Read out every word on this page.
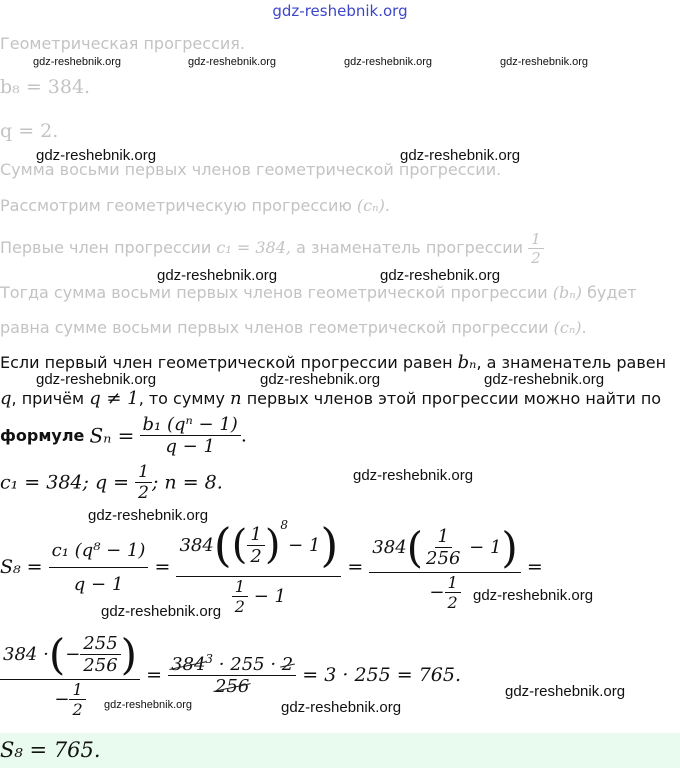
gdz-reshebnik.org
Геометрическая прогрессия.
b₈ = 384.
q = 2.
Сумма восьми первых членов геометрической прогрессии.
Рассмотрим геометрическую прогрессию (cₙ).
Первые член прогрессии c₁ = 384, а знаменатель прогрессии $\frac{1}{2}$
Тогда сумма восьми первых членов геометрической прогрессии (bₙ) будет
равна сумме восьми первых членов геометрической прогрессии (cₙ).
Если первый член геометрической прогрессии равен bₙ, а знаменатель равен
q, причём q ≠ 1, то сумму n первых членов этой прогрессии можно найти по
формуле $S_n = \frac{\text{b₁ (qⁿ − 1)}}{q - 1}$ .
c₁ = 384; $q = \frac{1}{2}$ ; n = 8.
S₈ =
$\frac{\text{c₁ (q⁸ − 1)}}{q - 1}$
=

384 ( ( $\frac{1}{2} )^8$
− 1 )
$\frac{1}{2}$
− 1

=
384 ( $\frac{1}{256}$
− 1 )
− $\frac{1}{2}$
=
384 · ( − $\frac{255}{256}$ )
− $\frac{1}{2}$

=
$\frac{384^3 \cdot 255 \cdot 2}{256}$
= 3 · 255 = 765.
S₈ = 765.
gdz-reshebnik.org	gdz-reshebnik.org	gdz-reshebnik.org	gdz-reshebnik.org
gdz-reshebnik.org	gdz-reshebnik.org
gdz-reshebnik.org	gdz-reshebnik.org
gdz-reshebnik.org	gdz-reshebnik.org	gdz-reshebnik.org
gdz-reshebnik.org
gdz-reshebnik.org
gdz-reshebnik.org
gdz-reshebnik.org
gdz-reshebnik.org
gdz-reshebnik.org	gdz-reshebnik.org
